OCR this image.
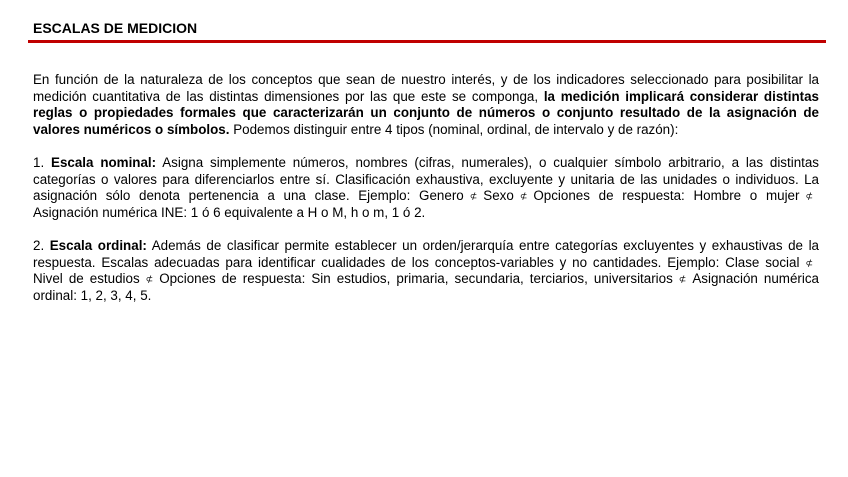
ESCALAS DE MEDICION

En función de la naturaleza de los conceptos que sean de nuestro interés, y de los indicadores seleccionado para posibilitar la medición cuantitativa de las distintas dimensiones por las que este se componga, la medición implicará considerar distintas reglas o propiedades formales que caracterizarán un conjunto de números o conjunto resultado de la asignación de valores numéricos o símbolos. Podemos distinguir entre 4 tipos (nominal, ordinal, de intervalo y de razón):

1. Escala nominal: Asigna simplemente números, nombres (cifras, numerales), o cualquier símbolo arbitrario, a las distintas categorías o valores para diferenciarlos entre sí. Clasificación exhaustiva, excluyente y unitaria de las unidades o individuos. La asignación sólo denota pertenencia a una clase. Ejemplo: Genero ⊄ Sexo ⊄ Opciones de respuesta: Hombre o mujer ⊄Asignación numérica INE: 1 ó 6 equivalente a H o M, h o m, 1 ó 2.

2. Escala ordinal: Además de clasificar permite establecer un orden/jerarquía entre categorías excluyentes y exhaustivas de la respuesta. Escalas adecuadas para identificar cualidades de los conceptos-variables y no cantidades. Ejemplo: Clase social ⊄Nivel de estudios ⊄ Opciones de respuesta: Sin estudios, primaria, secundaria, terciarios, universitarios ⊄ Asignación numérica ordinal: 1, 2, 3, 4, 5.
